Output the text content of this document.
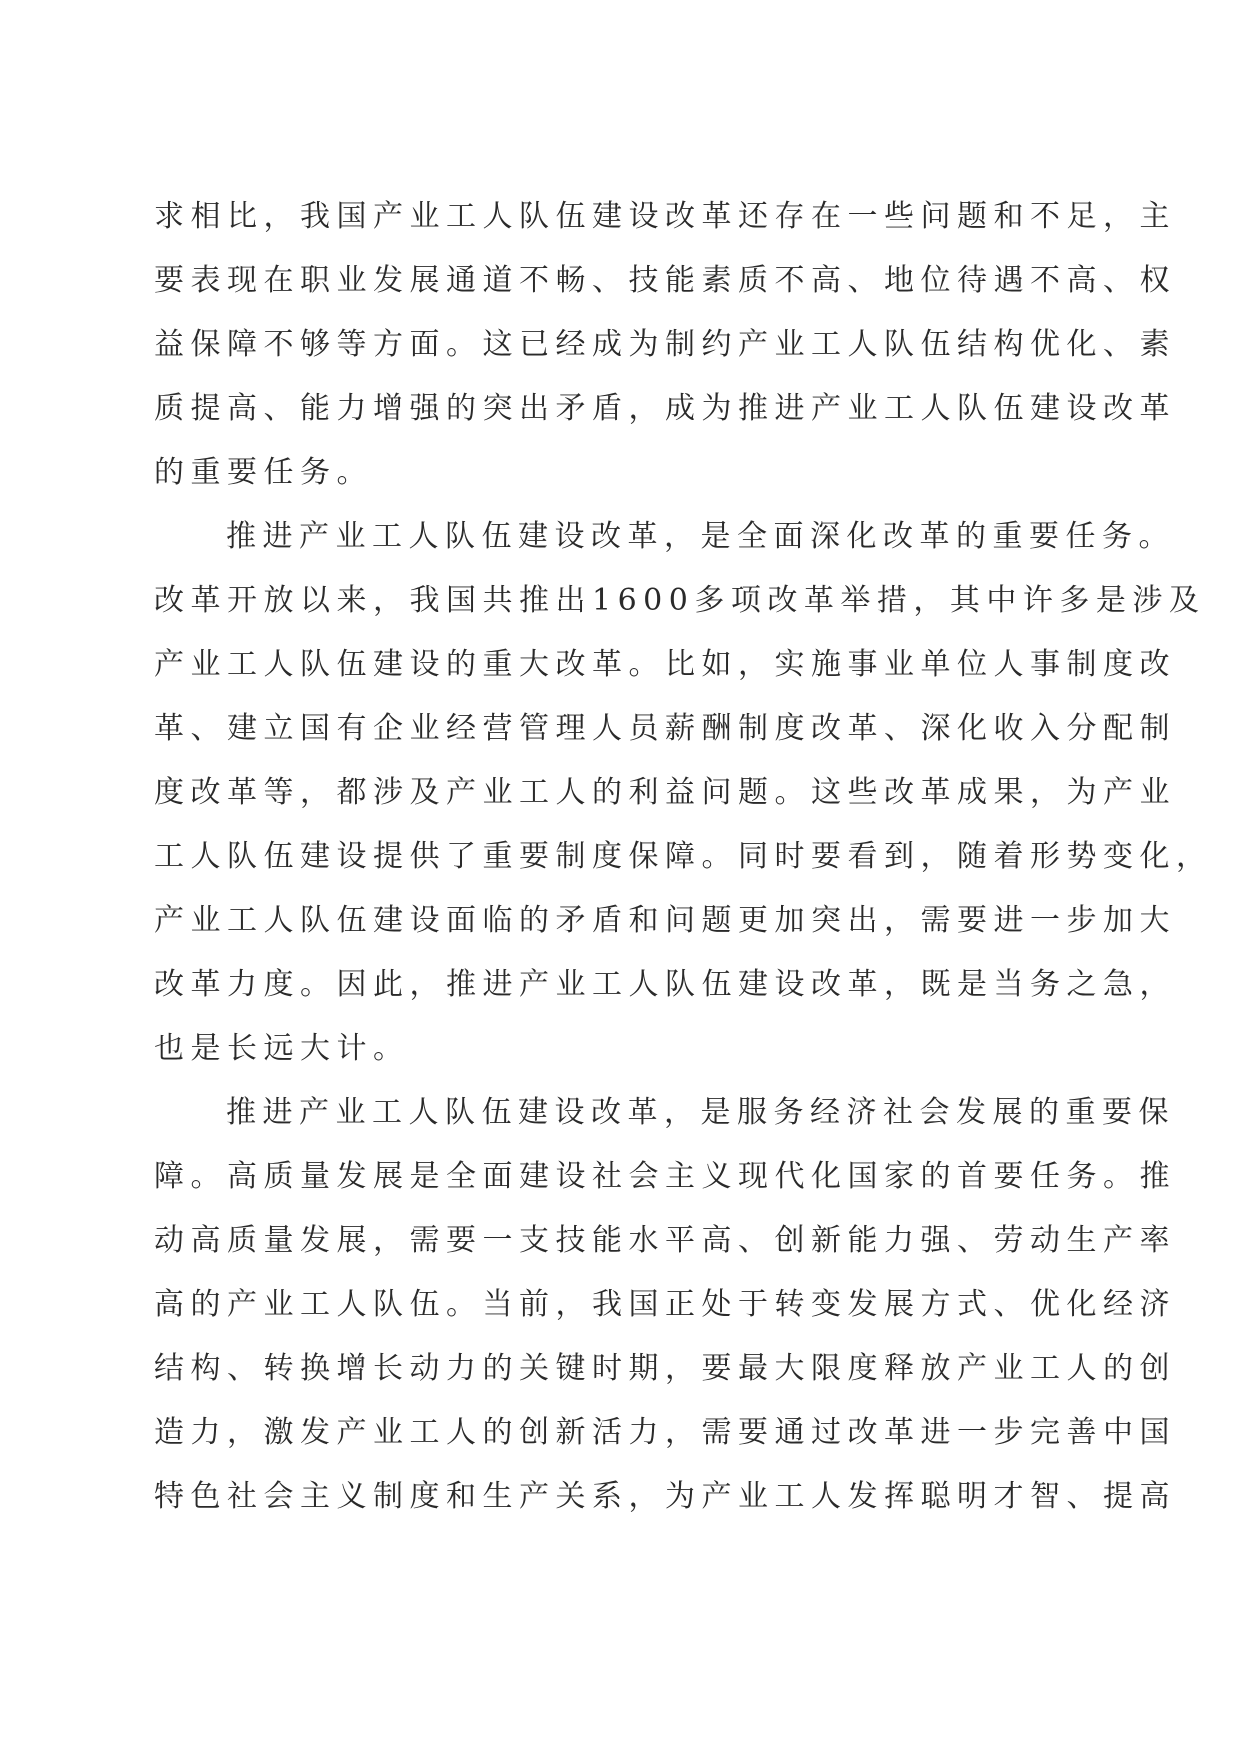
求相比，我国产业工人队伍建设改革还存在一些问题和不足，主
要表现在职业发展通道不畅、技能素质不高、地位待遇不高、权
益保障不够等方面。这已经成为制约产业工人队伍结构优化、素
质提高、能力增强的突出矛盾，成为推进产业工人队伍建设改革
的重要任务。

推进产业工人队伍建设改革，是全面深化改革的重要任务。
改革开放以来，我国共推出1600多项改革举措，其中许多是涉及
产业工人队伍建设的重大改革。比如，实施事业单位人事制度改
革、建立国有企业经营管理人员薪酬制度改革、深化收入分配制
度改革等，都涉及产业工人的利益问题。这些改革成果，为产业
工人队伍建设提供了重要制度保障。同时要看到，随着形势变化，
产业工人队伍建设面临的矛盾和问题更加突出，需要进一步加大
改革力度。因此，推进产业工人队伍建设改革，既是当务之急，
也是长远大计。

推进产业工人队伍建设改革，是服务经济社会发展的重要保
障。高质量发展是全面建设社会主义现代化国家的首要任务。推
动高质量发展，需要一支技能水平高、创新能力强、劳动生产率
高的产业工人队伍。当前，我国正处于转变发展方式、优化经济
结构、转换增长动力的关键时期，要最大限度释放产业工人的创
造力，激发产业工人的创新活力，需要通过改革进一步完善中国
特色社会主义制度和生产关系，为产业工人发挥聪明才智、提高
